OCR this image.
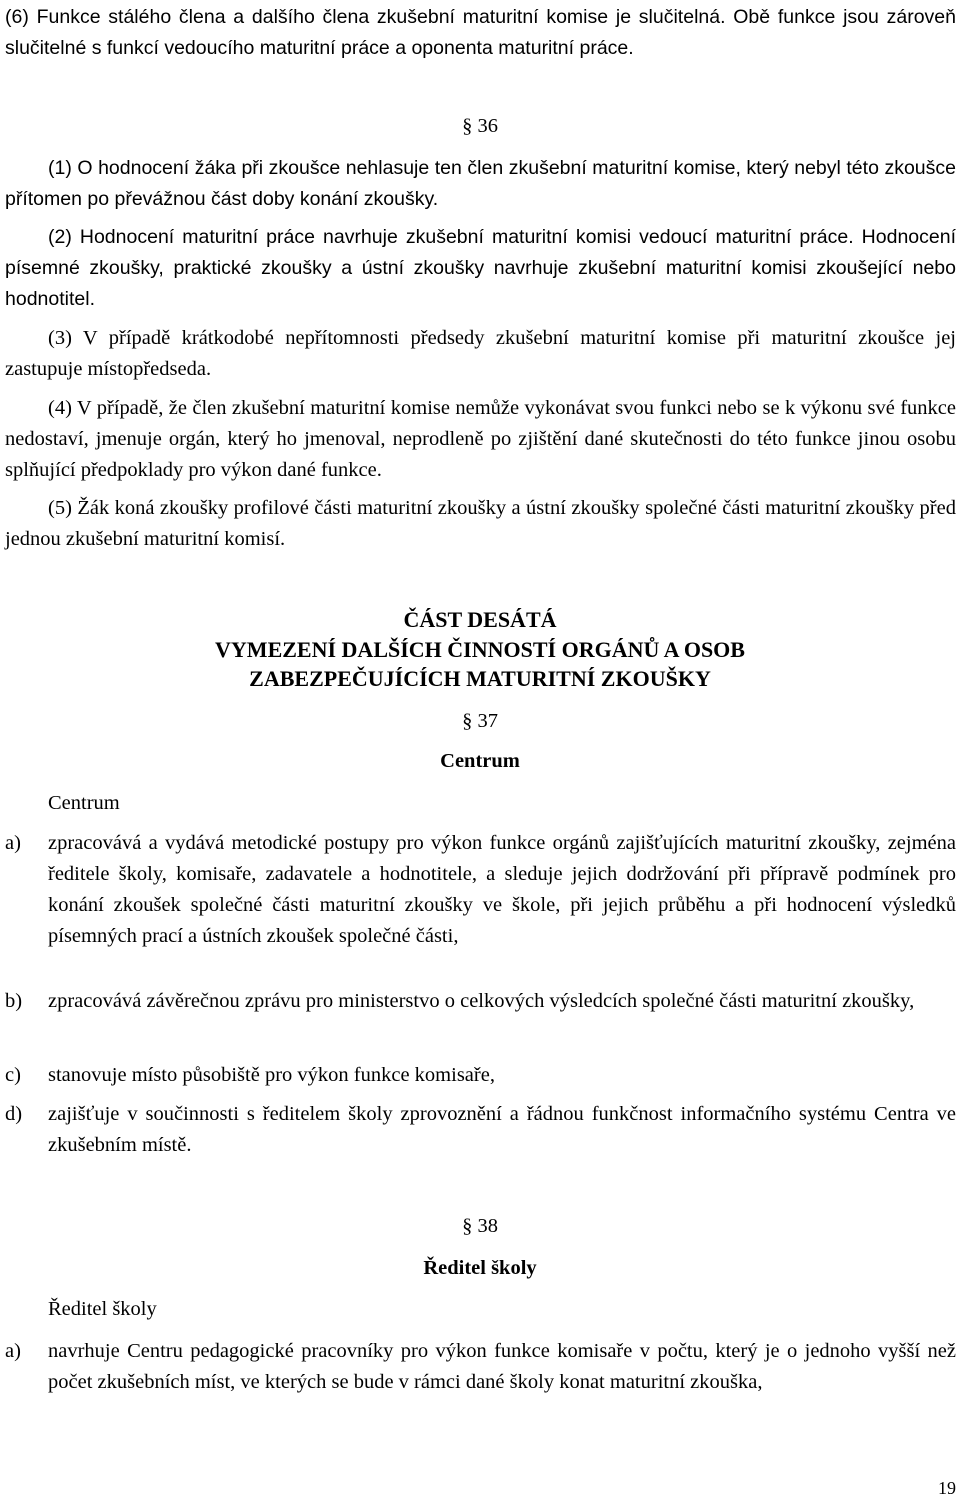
(6) Funkce stálého člena a dalšího člena zkušební maturitní komise je slučitelná. Obě funkce jsou zároveň slučitelné s funkcí vedoucího maturitní práce a oponenta maturitní práce.

§ 36

(1) O hodnocení žáka při zkoušce nehlasuje ten člen zkušební maturitní komise, který nebyl této zkoušce přítomen po převážnou část doby konání zkoušky.

(2) Hodnocení maturitní práce navrhuje zkušební maturitní komisi vedoucí maturitní práce. Hodnocení písemné zkoušky, praktické zkoušky a ústní zkoušky navrhuje zkušební maturitní komisi zkoušející nebo hodnotitel.

(3) V případě krátkodobé nepřítomnosti předsedy zkušební maturitní komise při maturitní zkoušce jej zastupuje místopředseda.

(4) V případě, že člen zkušební maturitní komise nemůže vykonávat svou funkci nebo se k výkonu své funkce nedostaví, jmenuje orgán, který ho jmenoval, neprodleně po zjištění dané skutečnosti do této funkce jinou osobu splňující předpoklady pro výkon dané funkce.

(5) Žák koná zkoušky profilové části maturitní zkoušky a ústní zkoušky společné části maturitní zkoušky před jednou zkušební maturitní komisí.

ČÁST DESÁTÁ
VYMEZENÍ DALŠÍCH ČINNOSTÍ ORGÁNŮ A OSOB
ZABEZPEČUJÍCÍCH MATURITNÍ ZKOUŠKY
§ 37
Centrum
Centrum
a) zpracovává a vydává metodické postupy pro výkon funkce orgánů zajišťujících maturitní zkoušky, zejména ředitele školy, komisaře, zadavatele a hodnotitele, a sleduje jejich dodržování při přípravě podmínek pro konání zkoušek společné části maturitní zkoušky ve škole, při jejich průběhu a při hodnocení výsledků písemných prací a ústních zkoušek společné části,
b) zpracovává závěrečnou zprávu pro ministerstvo o celkových výsledcích společné části maturitní zkoušky,
c) stanovuje místo působiště pro výkon funkce komisaře,
d) zajišťuje v součinnosti s ředitelem školy zprovoznění a řádnou funkčnost informačního systému Centra ve zkušebním místě.
§ 38
Ředitel školy
Ředitel školy
a) navrhuje Centru pedagogické pracovníky pro výkon funkce komisaře v počtu, který je o jednoho vyšší než počet zkušebních míst, ve kterých se bude v rámci dané školy konat maturitní zkouška,
19
